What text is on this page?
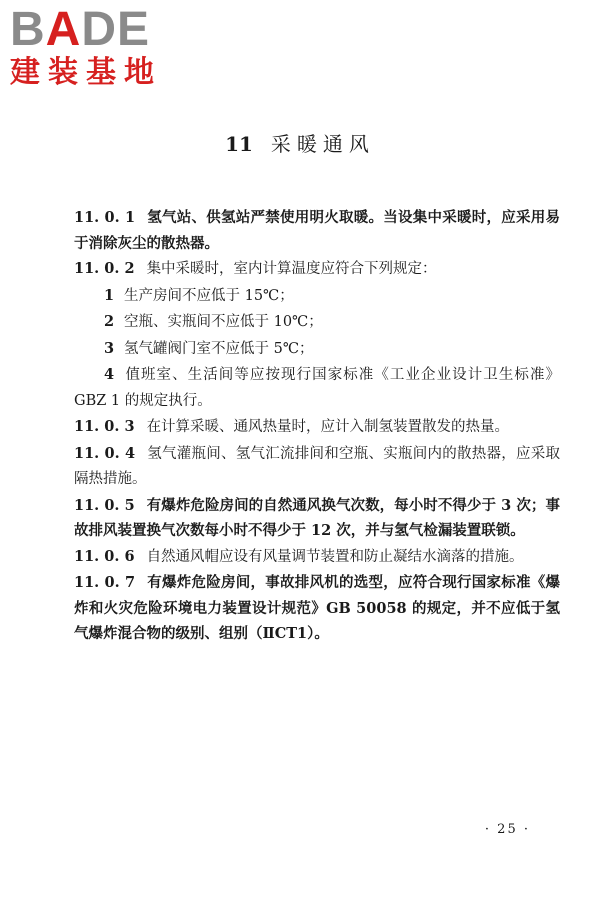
BADE
建装基地
11 采暖通风

11. 0. 1 氢气站、供氢站严禁使用明火取暖。当设集中采暖时，应采用易于消除灰尘的散热器。

11. 0. 2 集中采暖时，室内计算温度应符合下列规定：

1 生产房间不应低于 15℃；

2 空瓶、实瓶间不应低于 10℃；

3 氢气罐阀门室不应低于 5℃；

4 值班室、生活间等应按现行国家标准《工业企业设计卫生标准》GBZ 1 的规定执行。

11. 0. 3 在计算采暖、通风热量时，应计入制氢装置散发的热量。

11. 0. 4 氢气灌瓶间、氢气汇流排间和空瓶、实瓶间内的散热器，应采取隔热措施。

11. 0. 5 有爆炸危险房间的自然通风换气次数，每小时不得少于 3 次；事故排风装置换气次数每小时不得少于 12 次，并与氢气检漏装置联锁。

11. 0. 6 自然通风帽应设有风量调节装置和防止凝结水滴落的措施。

11. 0. 7 有爆炸危险房间，事故排风机的选型，应符合现行国家标准《爆炸和火灾危险环境电力装置设计规范》GB 50058 的规定，并不应低于氢气爆炸混合物的级别、组别（ⅡCT1）。

· 25 ·
